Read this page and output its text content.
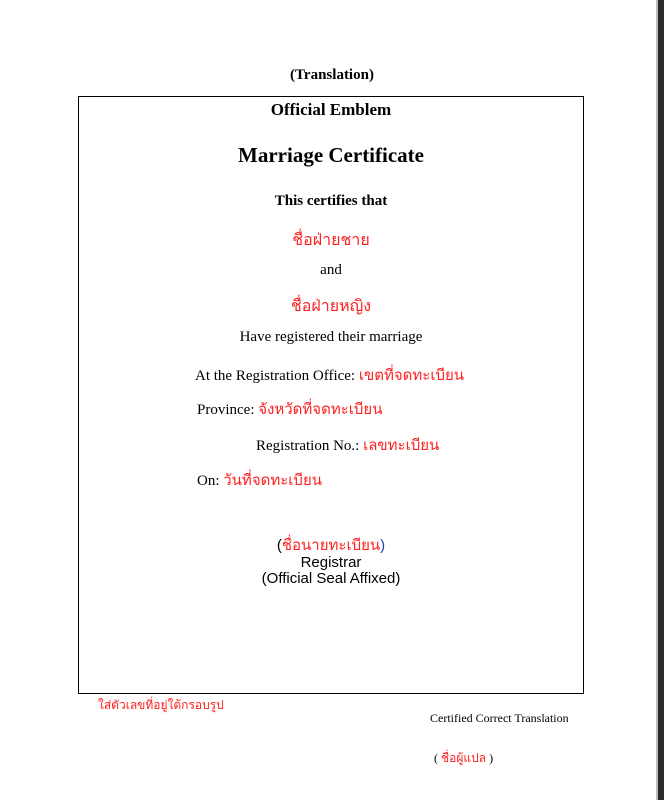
(Translation)
Official Emblem
Marriage Certificate
This certifies that
ชื่อฝ่ายชาย
and
ชื่อฝ่ายหญิง
Have registered their marriage
At the Registration Office: เขตที่จดทะเบียน
Province: จังหวัดที่จดทะเบียน
Registration No.: เลขทะเบียน
On: วันที่จดทะเบียน
(ชื่อนายทะเบียน)
Registrar
(Official Seal Affixed)
ใส่ตัวเลขที่อยู่ใต้กรอบรูป
Certified Correct Translation
( ชื่อผู้แปล )
